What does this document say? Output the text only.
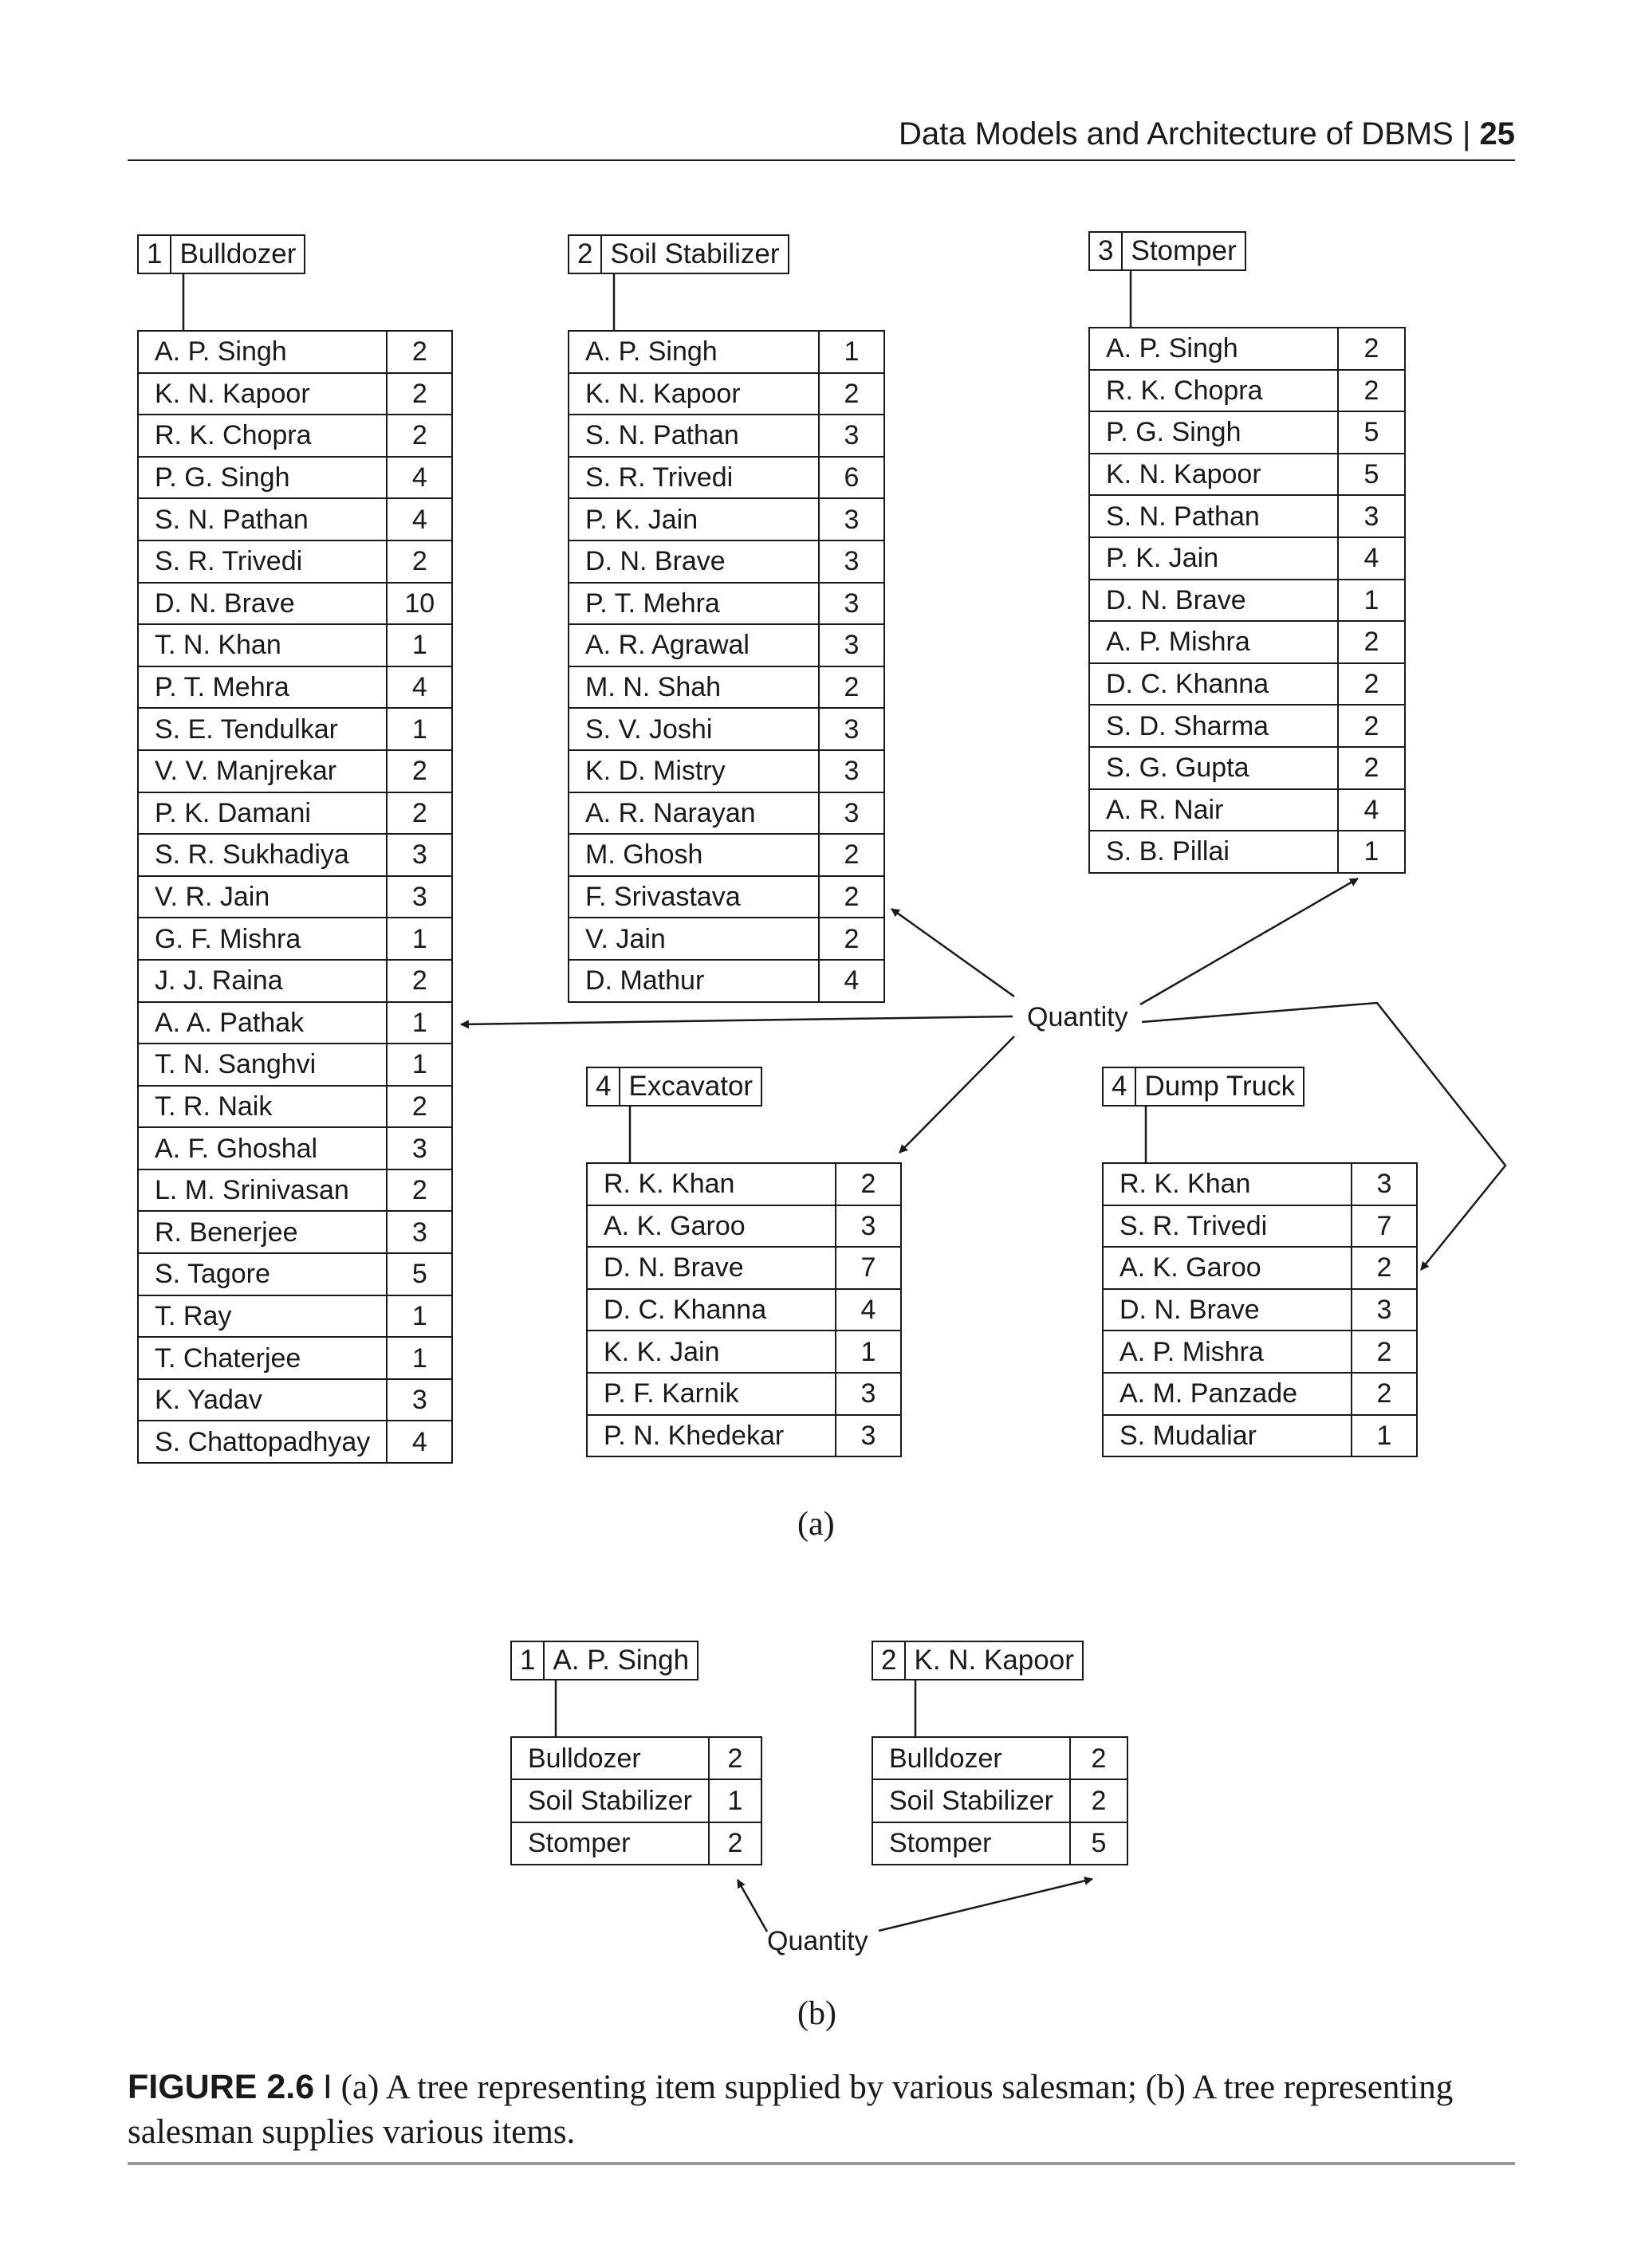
Data Models and Architecture of DBMS | 25
1 Bulldozer
A. P. Singh	2
K. N. Kapoor	2
R. K. Chopra	2
P. G. Singh	4
S. N. Pathan	4
S. R. Trivedi	2
D. N. Brave	10
T. N. Khan	1
P. T. Mehra	4
S. E. Tendulkar	1
V. V. Manjrekar	2
P. K. Damani	2
S. R. Sukhadiya	3
V. R. Jain	3
G. F. Mishra	1
J. J. Raina	2
A. A. Pathak	1
T. N. Sanghvi	1
T. R. Naik	2
A. F. Ghoshal	3
L. M. Srinivasan	2
R. Benerjee	3
S. Tagore	5
T. Ray	1
T. Chaterjee	1
K. Yadav	3
S. Chattopadhyay	4
2 Soil Stabilizer
A. P. Singh	1
K. N. Kapoor	2
S. N. Pathan	3
S. R. Trivedi	6
P. K. Jain	3
D. N. Brave	3
P. T. Mehra	3
A. R. Agrawal	3
M. N. Shah	2
S. V. Joshi	3
K. D. Mistry	3
A. R. Narayan	3
M. Ghosh	2
F. Srivastava	2
V. Jain	2
D. Mathur	4
3 Stomper
A. P. Singh	2
R. K. Chopra	2
P. G. Singh	5
K. N. Kapoor	5
S. N. Pathan	3
P. K. Jain	4
D. N. Brave	1
A. P. Mishra	2
D. C. Khanna	2
S. D. Sharma	2
S. G. Gupta	2
A. R. Nair	4
S. B. Pillai	1
4 Excavator
R. K. Khan	2
A. K. Garoo	3
D. N. Brave	7
D. C. Khanna	4
K. K. Jain	1
P. F. Karnik	3
P. N. Khedekar	3
4 Dump Truck
R. K. Khan	3
S. R. Trivedi	7
A. K. Garoo	2
D. N. Brave	3
A. P. Mishra	2
A. M. Panzade	2
S. Mudaliar	1
Quantity
(a)
1 A. P. Singh
Bulldozer	2
Soil Stabilizer	1
Stomper	2
2 K. N. Kapoor
Bulldozer	2
Soil Stabilizer	2
Stomper	5
Quantity
(b)
FIGURE 2.6 I (a) A tree representing item supplied by various salesman; (b) A tree representing salesman supplies various items.
